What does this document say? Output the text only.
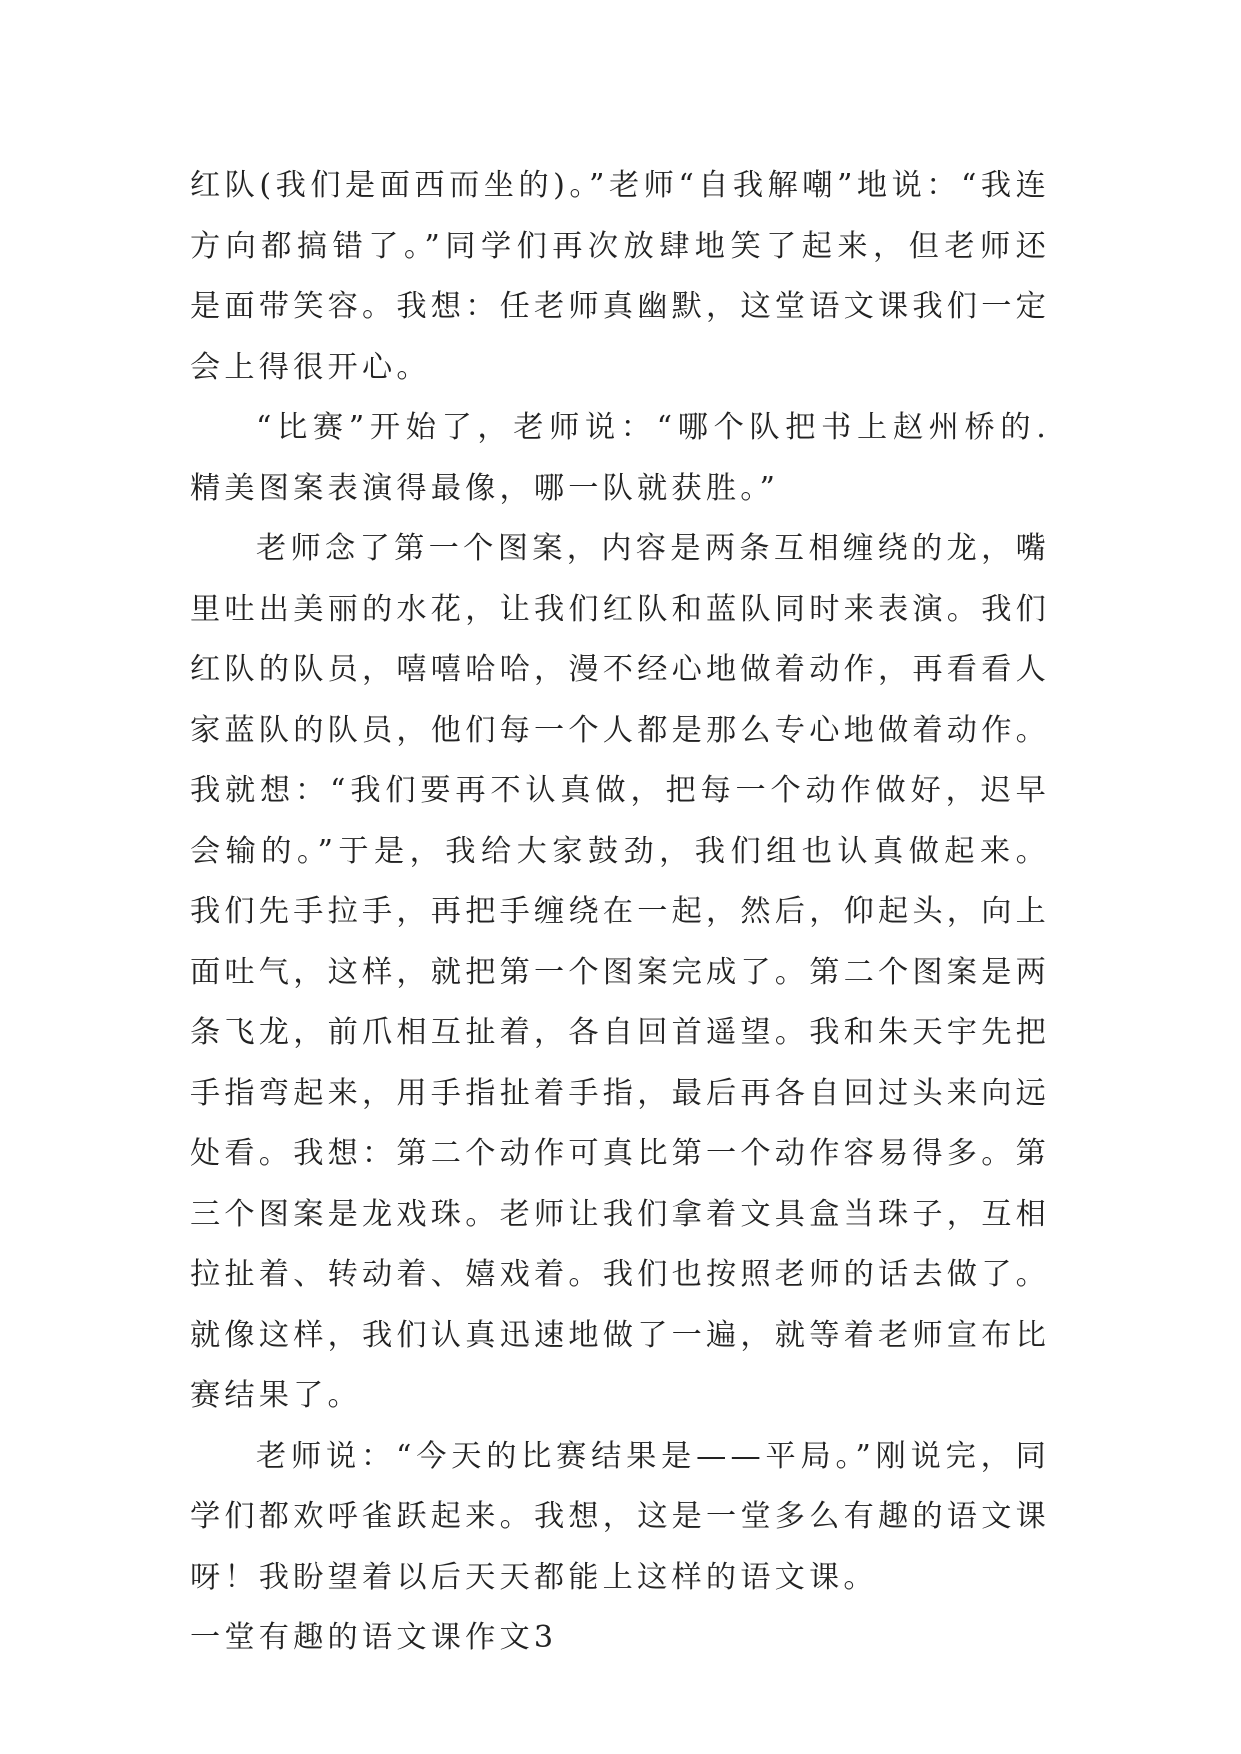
红队(我们是面西而坐的)。”老师“自我解嘲”地说：“我连方向都搞错了。”同学们再次放肆地笑了起来，但老师还是面带笑容。我想：任老师真幽默，这堂语文课我们一定会上得很开心。

“比赛”开始了，老师说：“哪个队把书上赵州桥的.精美图案表演得最像，哪一队就获胜。”

老师念了第一个图案，内容是两条互相缠绕的龙，嘴里吐出美丽的水花，让我们红队和蓝队同时来表演。我们红队的队员，嘻嘻哈哈，漫不经心地做着动作，再看看人家蓝队的队员，他们每一个人都是那么专心地做着动作。我就想：“我们要再不认真做，把每一个动作做好，迟早会输的。”于是，我给大家鼓劲，我们组也认真做起来。我们先手拉手，再把手缠绕在一起，然后，仰起头，向上面吐气，这样，就把第一个图案完成了。第二个图案是两条飞龙，前爪相互扯着，各自回首遥望。我和朱天宇先把手指弯起来，用手指扯着手指，最后再各自回过头来向远处看。我想：第二个动作可真比第一个动作容易得多。第三个图案是龙戏珠。老师让我们拿着文具盒当珠子，互相拉扯着、转动着、嬉戏着。我们也按照老师的话去做了。就像这样，我们认真迅速地做了一遍，就等着老师宣布比赛结果了。

老师说：“今天的比赛结果是——平局。”刚说完，同学们都欢呼雀跃起来。我想，这是一堂多么有趣的语文课呀！我盼望着以后天天都能上这样的语文课。

一堂有趣的语文课作文3
